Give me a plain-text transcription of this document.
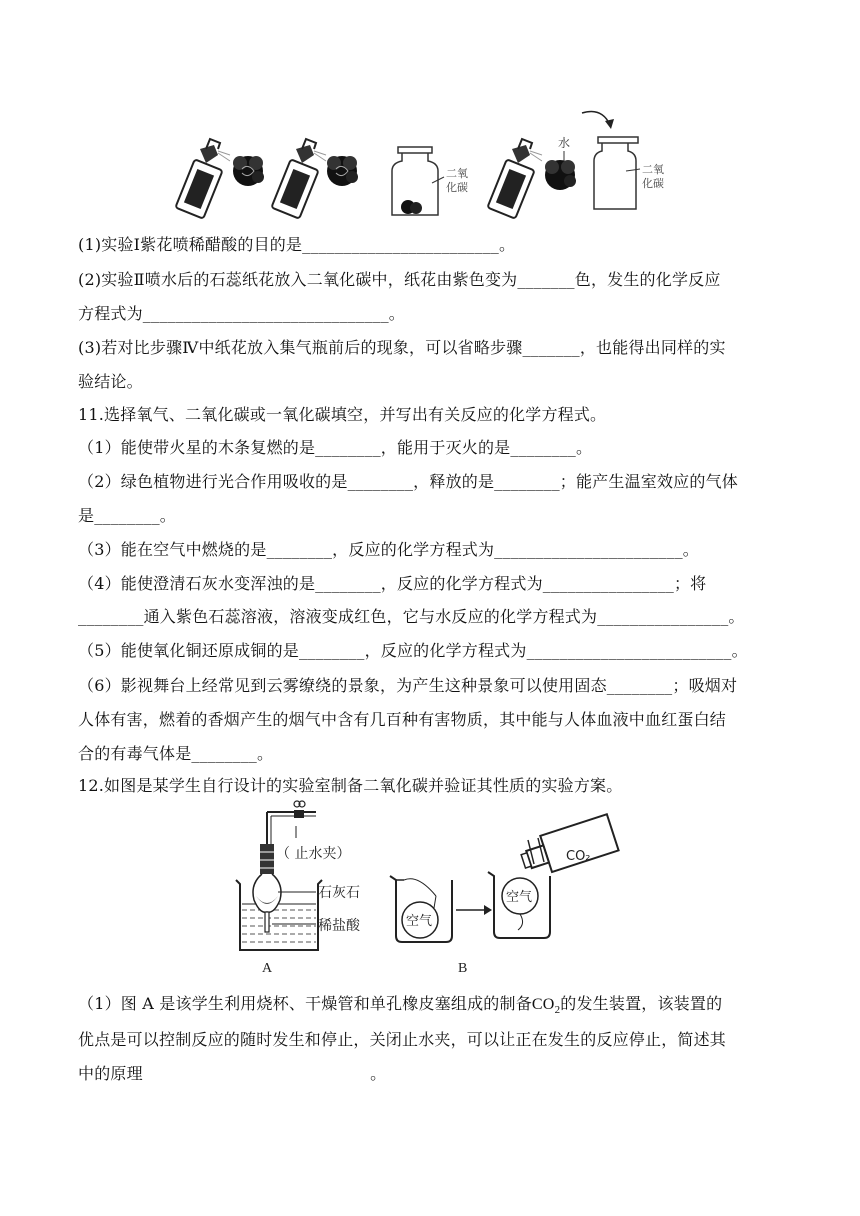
二氧
化碳
水
二氧
化碳
(1)实验Ⅰ紫花喷稀醋酸的目的是________________________。
(2)实验Ⅱ喷水后的石蕊纸花放入二氧化碳中，纸花由紫色变为_______色，发生的化学反应
方程式为______________________________。
(3)若对比步骤Ⅳ中纸花放入集气瓶前后的现象，可以省略步骤_______，也能得出同样的实
验结论。
11.选择氧气、二氧化碳或一氧化碳填空，并写出有关反应的化学方程式。
（1）能使带火星的木条复燃的是________，能用于灭火的是________。
（2）绿色植物进行光合作用吸收的是________，释放的是________；能产生温室效应的气体
是________。
（3）能在空气中燃烧的是________，反应的化学方程式为_______________________。
（4）能使澄清石灰水变浑浊的是________，反应的化学方程式为________________；将
________通入紫色石蕊溶液，溶液变成红色，它与水反应的化学方程式为________________。
（5）能使氧化铜还原成铜的是________，反应的化学方程式为_________________________。
（6）影视舞台上经常见到云雾缭绕的景象，为产生这种景象可以使用固态________；吸烟对
人体有害，燃着的香烟产生的烟气中含有几百种有害物质，其中能与人体血液中血红蛋白结
合的有毒气体是________。
12.如图是某学生自行设计的实验室制备二氧化碳并验证其性质的实验方案。
（ 止水夹）
石灰石
稀盐酸
A
空气
空气
CO₂
B
（1）图 A 是该学生利用烧杯、干燥管和单孔橡皮塞组成的制备$CO_2$的发生装置，该装置的
优点是可以控制反应的随时发生和停止，关闭止水夹，可以让正在发生的反应停止，简述其
中的原理                                           。
